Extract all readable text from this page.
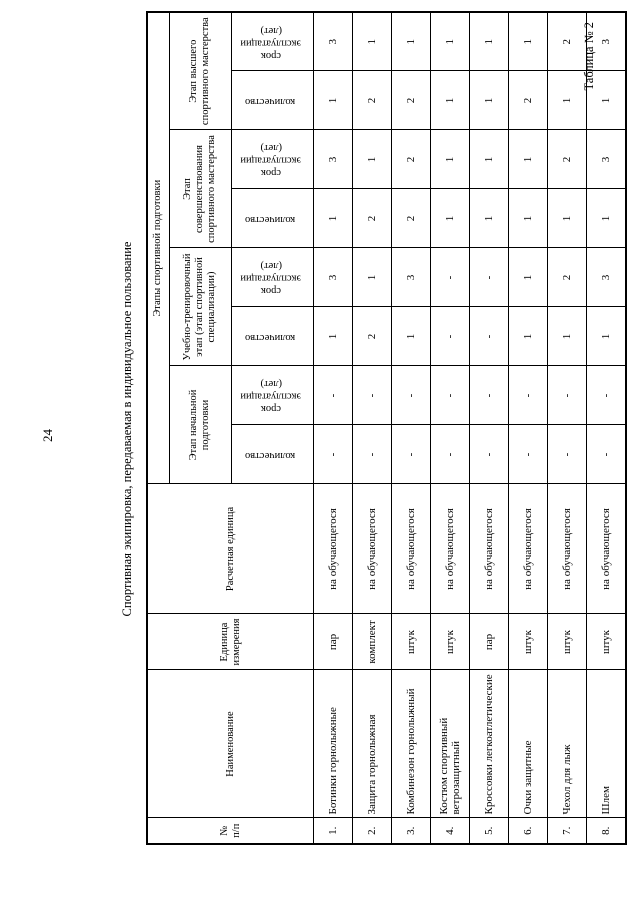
24	Спортивная экипировка, передаваемая в индивидуальное пользование
Таблица № 2
№ п/п	Наименование	Единица измерения	Расчетная единица	Этапы спортивной подготовки							
				Этап начальной подготовки		Учебно-тренировочный этап (этап спортивной специализации)		Этап совершенствования спортивного мастерства		Этап высшего спортивного мастерства	
				количество	срок эксплуатации (лет)	количество	срок эксплуатации (лет)	количество	срок эксплуатации (лет)	количество	срок эксплуатации (лет)
1.	Ботинки горнолыжные	пар	на обучающегося	-	-	1	3	1	3	1	3
2.	Защита горнолыжная	комплект	на обучающегося	-	-	2	1	2	1	2	1
3.	Комбинезон горнолыжный	штук	на обучающегося	-	-	1	3	2	2	2	1
4.	Костюм спортивный ветрозащитный	штук	на обучающегося	-	-	-	-	1	1	1	1
5.	Кроссовки легкоатлетические	пар	на обучающегося	-	-	-	-	1	1	1	1
6.	Очки защитные	штук	на обучающегося	-	-	1	1	1	1	2	1
7.	Чехол для лыж	штук	на обучающегося	-	-	1	2	1	2	1	2
8.	Шлем	штук	на обучающегося	-	-	1	3	1	3	1	3
